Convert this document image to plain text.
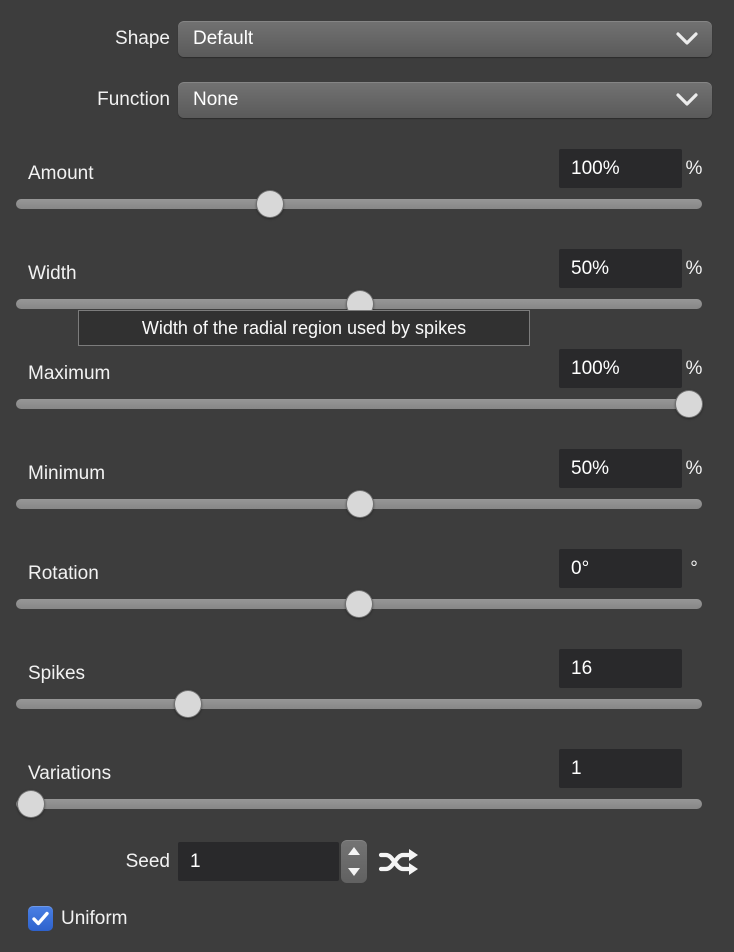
Shape Default
Function None
Amount	100%	%
Width	50%	%
Maximum	100%	%
Minimum	50%	%
Rotation	0°	°
Spikes	16
Variations	1
Width of the radial region used by spikes
Seed 1
Uniform
